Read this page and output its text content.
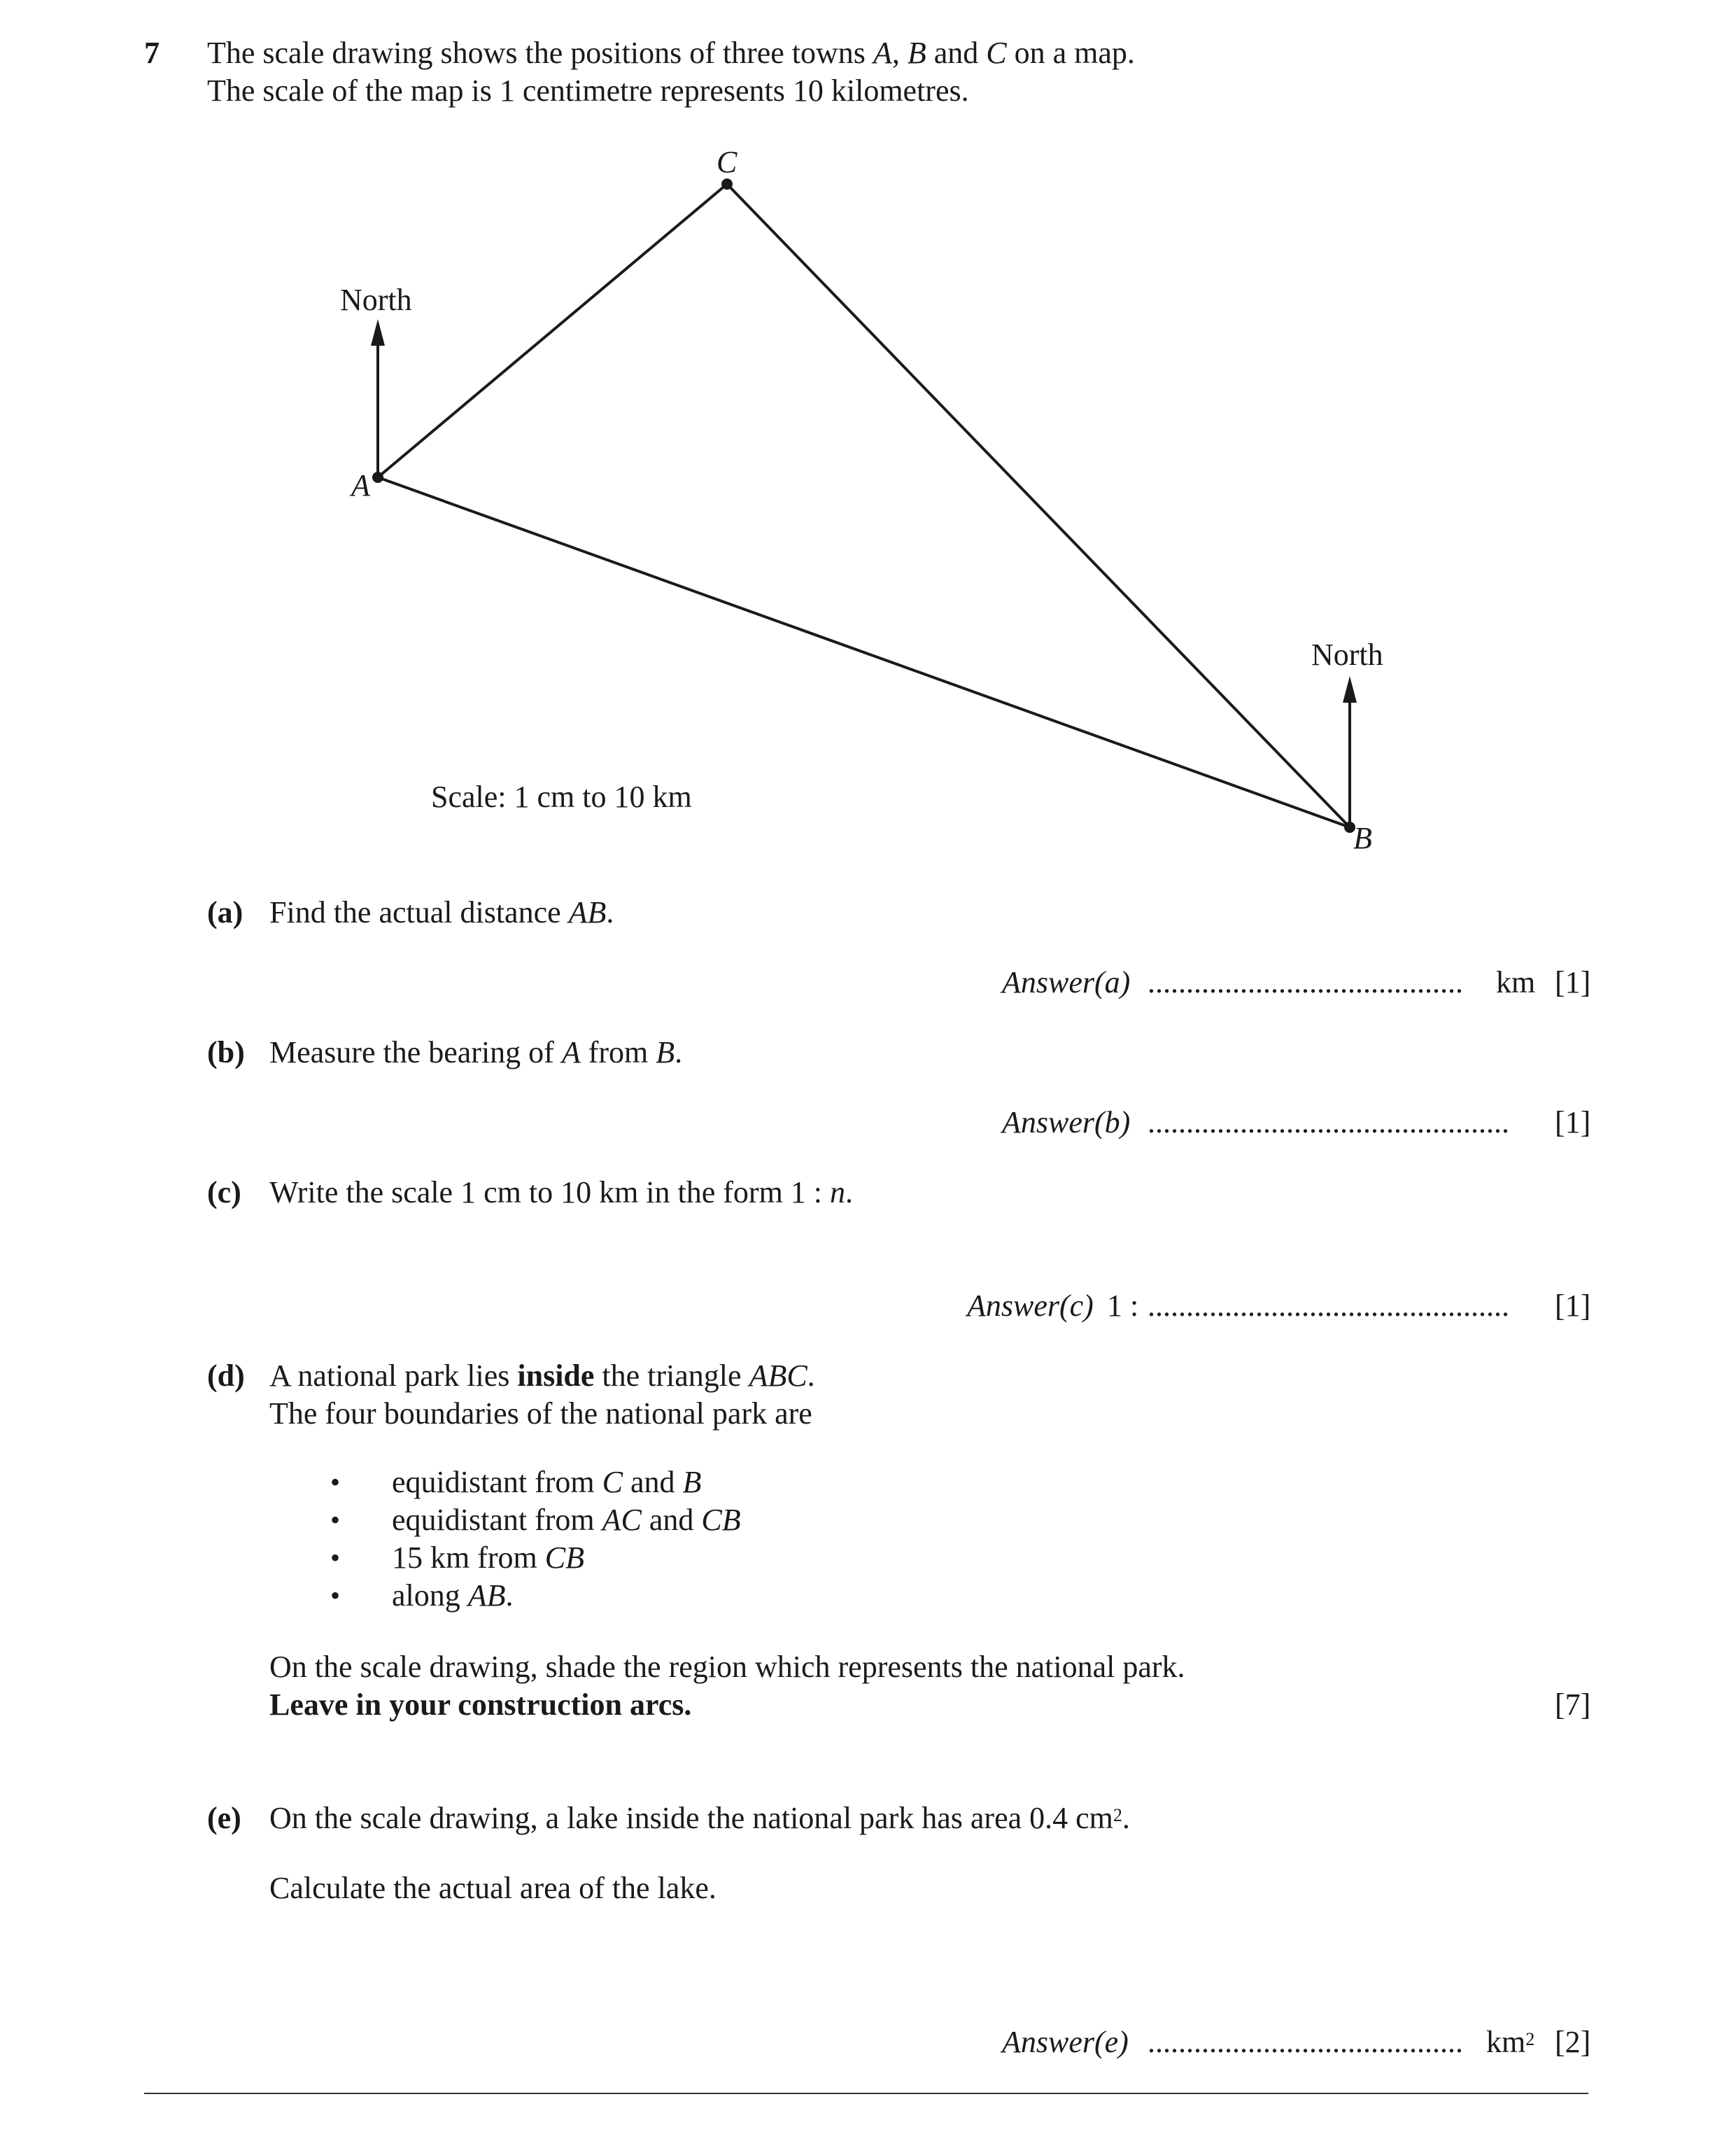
7 The scale drawing shows the positions of three towns A, B and C on a map.
The scale of the map is 1 centimetre represents 10 kilometres.
C
North
A
North
B
Scale: 1 cm to 10 km
(a) Find the actual distance AB.
Answer(a) ......................................... km [1]
(b) Measure the bearing of A from B.
Answer(b) ............................................... [1]
(c) Write the scale 1 cm to 10 km in the form 1 : n.
Answer(c) 1 : ............................................... [1]
(d) A national park lies inside the triangle ABC.
The four boundaries of the national park are
• equidistant from C and B
• equidistant from AC and CB
• 15 km from CB
• along AB.
On the scale drawing, shade the region which represents the national park.
Leave in your construction arcs.	[7]
(e) On the scale drawing, a lake inside the national park has area 0.4 $cm^2$.
Calculate the actual area of the lake.
Answer(e) ......................................... $km^2$ [2]
